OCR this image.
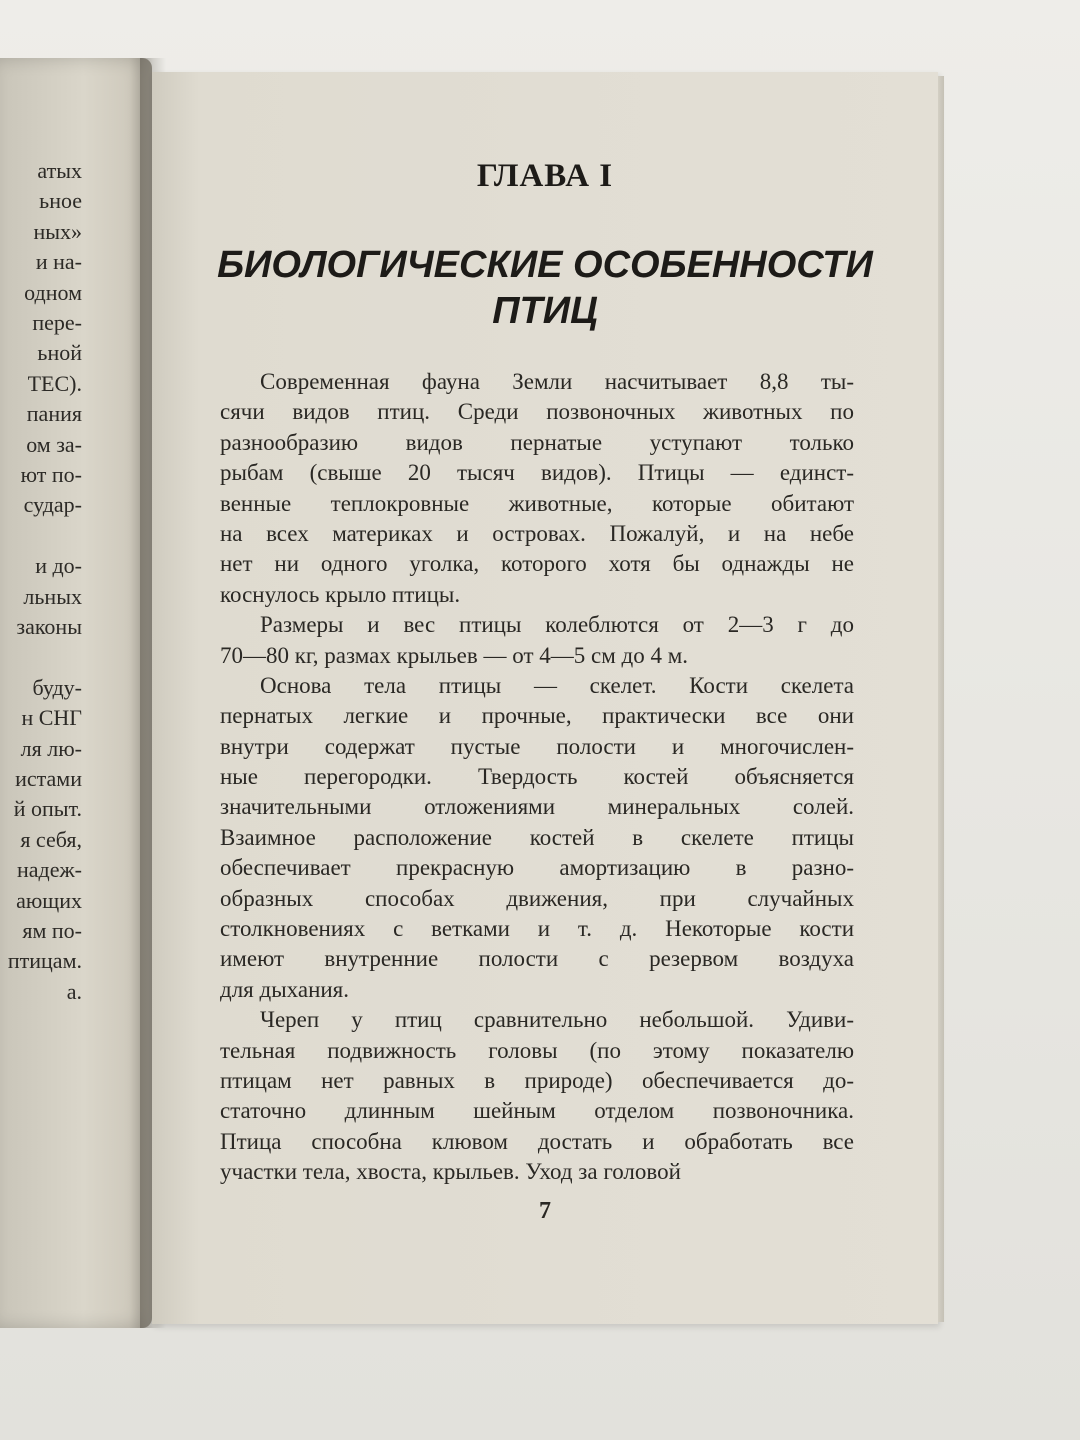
атых
ьное
ных»
и на-
одном
пере-
ьной
TEC).
пания
ом за-
ют по-
судар-
и до-
льных
законы
буду-
н СНГ
ля лю-
истами
й опыт.
я себя,
надеж-
ающих
ям по-
птицам.
а.
ГЛАВА I
БИОЛОГИЧЕСКИЕ ОСОБЕННОСТИ
ПТИЦ
Современная фауна Земли насчитывает 8,8 ты-
сячи видов птиц. Среди позвоночных животных по
разнообразию видов пернатые уступают только
рыбам (свыше 20 тысяч видов). Птицы — единст-
венные теплокровные животные, которые обитают
на всех материках и островах. Пожалуй, и на небе
нет ни одного уголка, которого хотя бы однажды не
коснулось крыло птицы.
Размеры и вес птицы колеблются от 2—3 г до
70—80 кг, размах крыльев — от 4—5 см до 4 м.
Основа тела птицы — скелет. Кости скелета
пернатых легкие и прочные, практически все они
внутри содержат пустые полости и многочислен-
ные перегородки. Твердость костей объясняется
значительными отложениями минеральных солей.
Взаимное расположение костей в скелете птицы
обеспечивает прекрасную амортизацию в разно-
образных способах движения, при случайных
столкновениях с ветками и т. д. Некоторые кости
имеют внутренние полости с резервом воздуха
для дыхания.
Череп у птиц сравнительно небольшой. Удиви-
тельная подвижность головы (по этому показателю
птицам нет равных в природе) обеспечивается до-
статочно длинным шейным отделом позвоночника.
Птица способна клювом достать и обработать все
участки тела, хвоста, крыльев. Уход за головой
7
